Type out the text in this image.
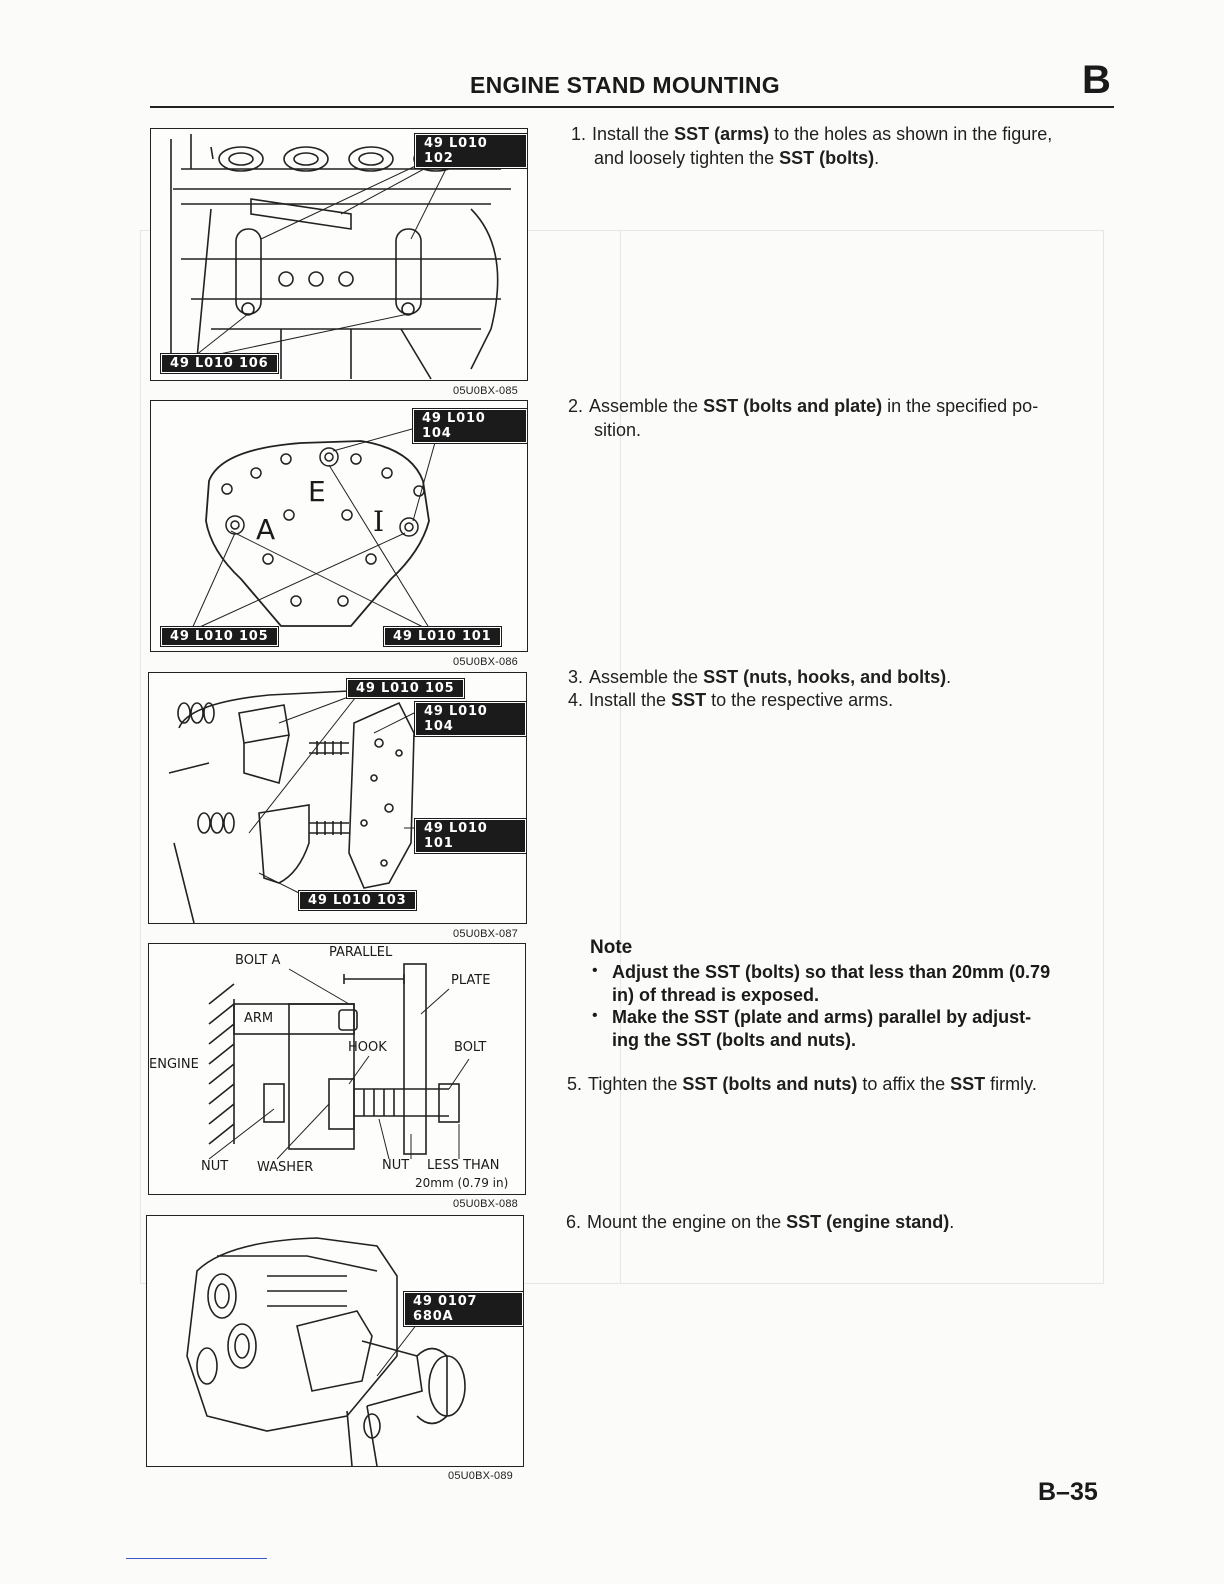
ENGINE STAND MOUNTING	B
49 L010 102
49 L010 106
05U0BX-085
E
A	I
49 L010 104
49 L010 105	49 L010 101
05U0BX-086
49 L010 105
49 L010 104
49 L010 101
49 L010 103
05U0BX-087
BOLT A
PARALLEL
PLATE
ARM
HOOK	BOLT
ENGINE
NUT WASHER	NUT LESS THAN
20mm (0.79 in)
05U0BX-088
49 0107 680A
05U0BX-089
1. Install the SST (arms) to the holes as shown in the figure,
and loosely tighten the SST (bolts).
2. Assemble the SST (bolts and plate) in the specified po-
sition.
3. Assemble the SST (nuts, hooks, and bolts).
4. Install the SST to the respective arms.
Note
• Adjust the SST (bolts) so that less than 20mm (0.79
in) of thread is exposed.
• Make the SST (plate and arms) parallel by adjust-
ing the SST (bolts and nuts).
5. Tighten the SST (bolts and nuts) to affix the SST firmly.
6. Mount the engine on the SST (engine stand).
B–35
